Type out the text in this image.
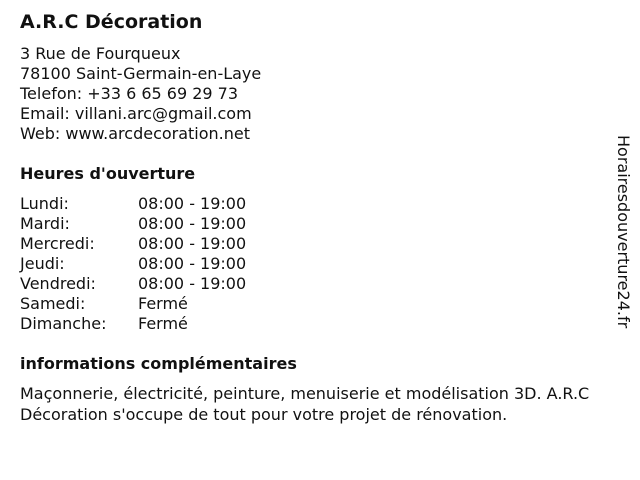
A.R.C Décoration
3 Rue de Fourqueux
78100 Saint-Germain-en-Laye
Telefon: +33 6 65 69 29 73
Email: villani.arc@gmail.com
Web: www.arcdecoration.net
Heures d'ouverture
Lundi:	08:00 - 19:00
Mardi:	08:00 - 19:00
Mercredi:	08:00 - 19:00
Jeudi:	08:00 - 19:00
Vendredi:	08:00 - 19:00
Samedi:	Fermé
Dimanche:	Fermé
informations complémentaires
Maçonnerie, électricité, peinture, menuiserie et modélisation 3D. A.R.C Décoration s'occupe de tout pour votre projet de rénovation.
Horairesdouverture24.fr
